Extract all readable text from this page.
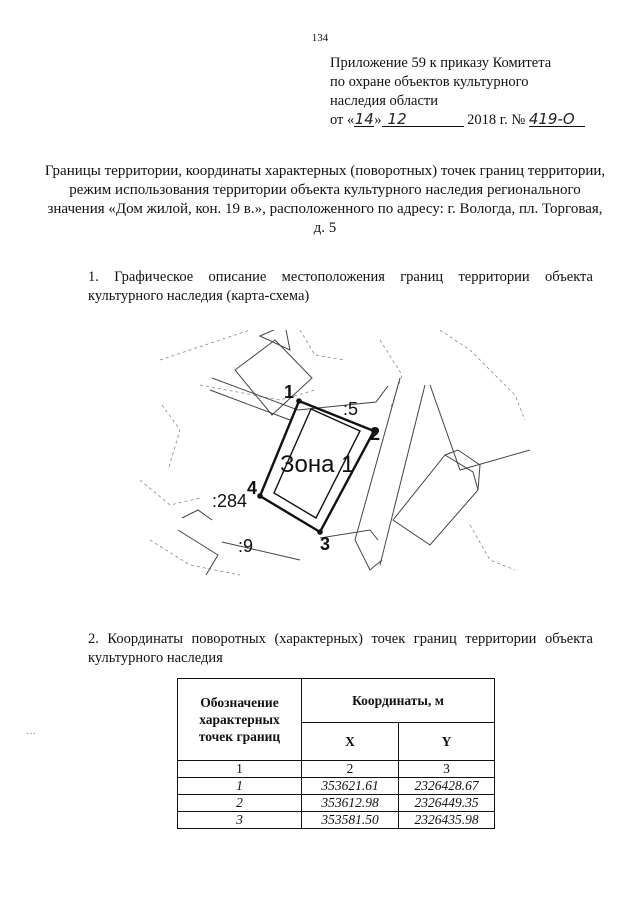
134
Приложение 59 к приказу Комитета
по охране объектов культурного
наследия области
от «14» 12	2018 г. № 419-О
Границы территории, координаты характерных (поворотных) точек границ территории, режим использования территории объекта культурного наследия регионального значения «Дом жилой, кон. 19 в.», расположенного по адресу: г. Вологда, пл. Торговая, д. 5
1. Графическое описание местоположения границ территории объекта культурного наследия (карта-схема)
Зона 1
:5
:284
:9
1
2
3
4
2. Координаты поворотных (характерных) точек границ территории объекта культурного наследия
Обозначение характерных точек границ	Координаты, м	
	X	Y
1	2	3
1	353621.61	2326428.67
2	353612.98	2326449.35
3	353581.50	2326435.98
…
